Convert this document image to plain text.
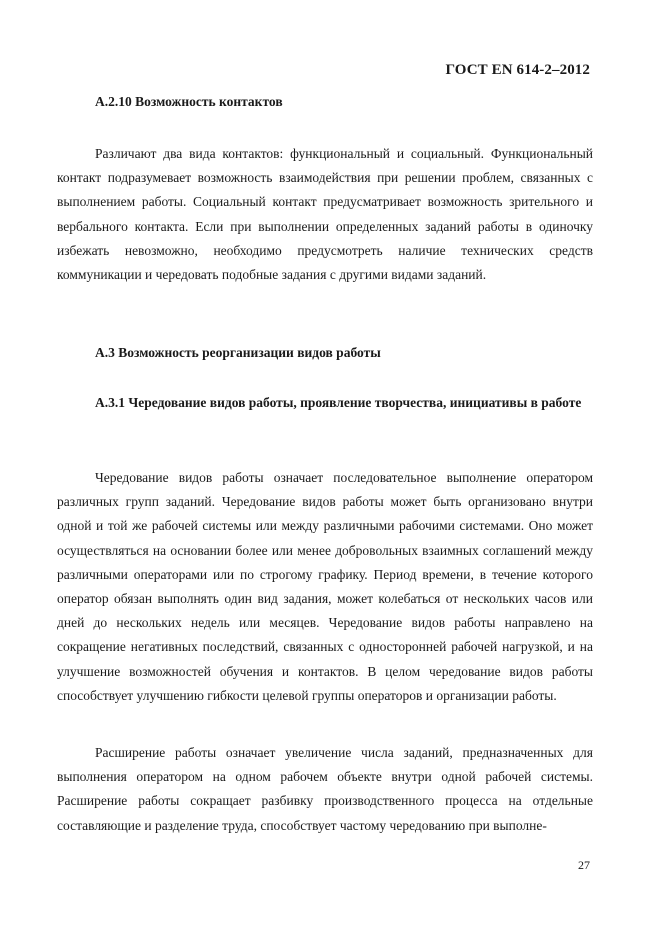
ГОСТ EN 614-2–2012
А.2.10 Возможность контактов

Различают два вида контактов: функциональный и социальный. Функциональный контакт подразумевает возможность взаимодействия при решении проблем, связанных с выполнением работы. Социальный контакт предусматривает возможность зрительного и вербального контакта. Если при выполнении определенных заданий работы в одиночку избежать невозможно, необходимо предусмотреть наличие технических средств коммуникации и чередовать подобные задания с другими видами заданий.

А.3 Возможность реорганизации видов работы
А.3.1 Чередование видов работы, проявление творчества, инициативы в работе

Чередование видов работы означает последовательное выполнение оператором различных групп заданий. Чередование видов работы может быть организовано внутри одной и той же рабочей системы или между различными рабочими системами. Оно может осуществляться на основании более или менее добровольных взаимных соглашений между различными операторами или по строгому графику. Период времени, в течение которого оператор обязан выполнять один вид задания, может колебаться от нескольких часов или дней до нескольких недель или месяцев. Чередование видов работы направлено на сокращение негативных последствий, связанных с односторонней рабочей нагрузкой, и на улучшение возможностей обучения и контактов. В целом чередование видов работы способствует улучшению гибкости целевой группы операторов и организации работы.

Расширение работы означает увеличение числа заданий, предназначенных для выполнения оператором на одном рабочем объекте внутри одной рабочей системы. Расширение работы сокращает разбивку производственного процесса на отдельные составляющие и разделение труда, способствует частому чередованию при выполне-

27
